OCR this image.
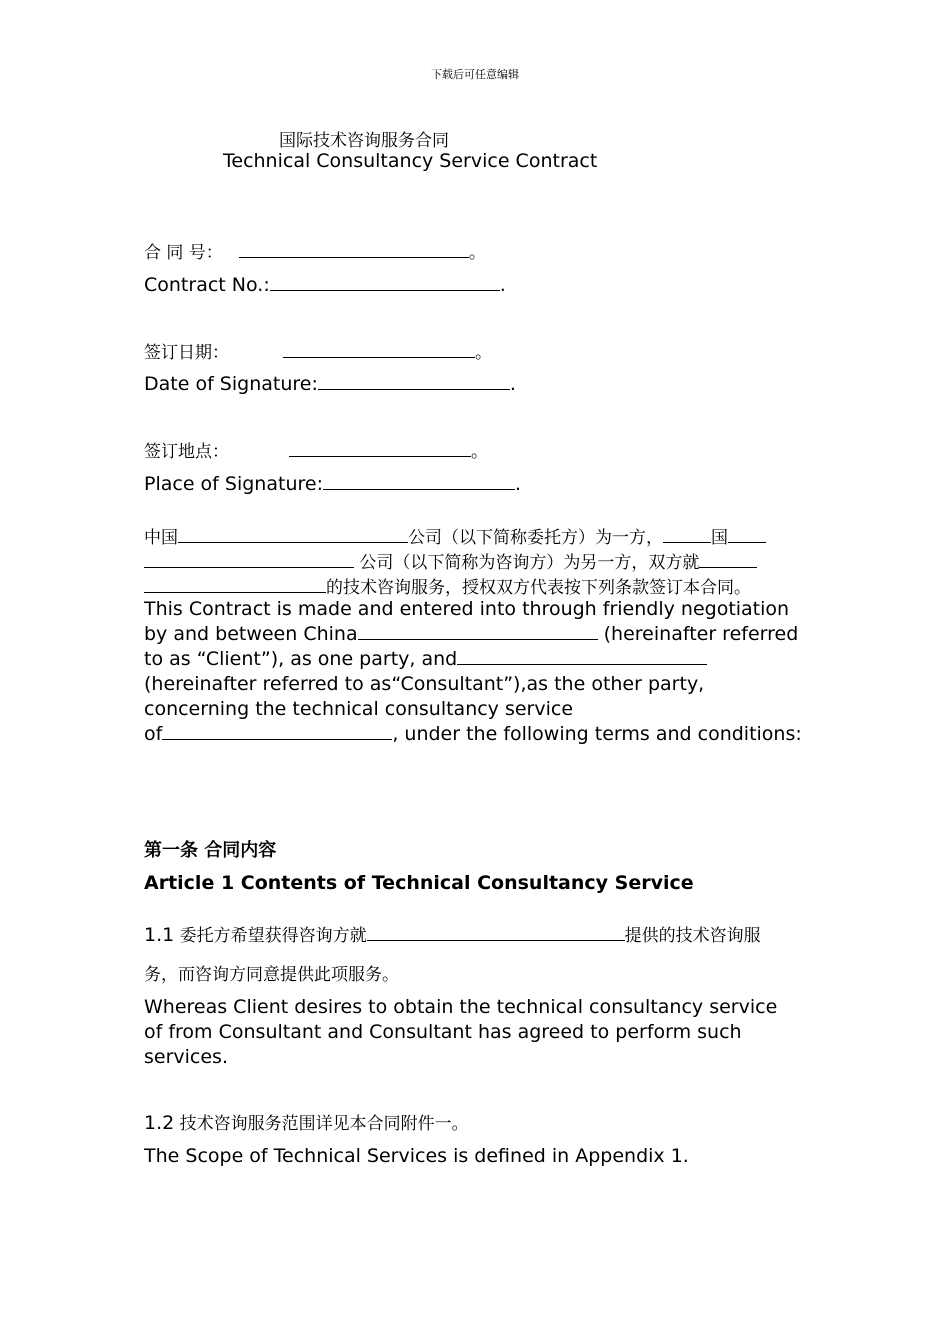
下载后可任意编辑
国际技术咨询服务合同
Technical Consultancy Service Contract
合 同 号：	。
Contract No.:	.
签订日期：	。
Date of Signature:	.
签订地点：	。
Place of Signature:	.
中国	公司（以下简称委托方）为一方，	国
公司（以下简称为咨询方）为另一方，双方就
的技术咨询服务，授权双方代表按下列条款签订本合同。
This Contract is made and entered into through friendly negotiation
by and between China	(hereinafter referred
to as “Client”), as one party, and
(hereinafter referred to as“Consultant”),as the other party,
concerning the technical consultancy service
of	, under the following terms and conditions:
第一条 合同内容
Article 1 Contents of Technical Consultancy Service
1.1 委托方希望获得咨询方就	提供的技术咨询服
务，而咨询方同意提供此项服务。
Whereas Client desires to obtain the technical consultancy service
of from Consultant and Consultant has agreed to perform such
services.
1.2 技术咨询服务范围详见本合同附件一。
The Scope of Technical Services is defined in Appendix 1.
